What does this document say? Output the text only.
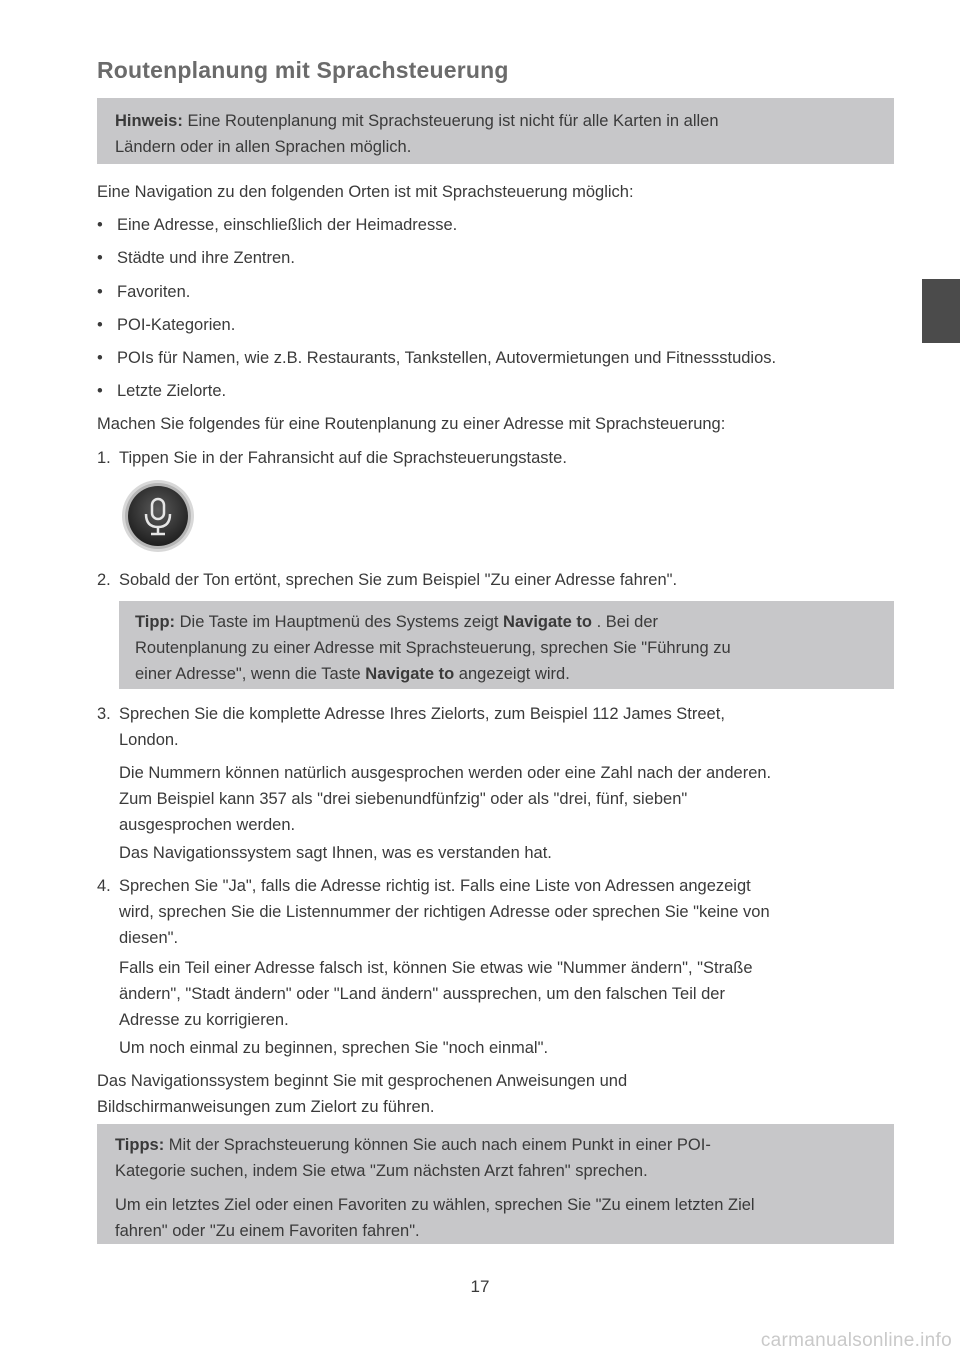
Routenplanung mit Sprachsteuerung

Hinweis: Eine Routenplanung mit Sprachsteuerung ist nicht für alle Karten in allen

Ländern oder in allen Sprachen möglich.

Eine Navigation zu den folgenden Orten ist mit Sprachsteuerung möglich:
• Eine Adresse, einschließlich der Heimadresse.
• Städte und ihre Zentren.
• Favoriten.
• POI-Kategorien.
• POIs für Namen, wie z.B. Restaurants, Tankstellen, Autovermietungen und Fitnessstudios.
• Letzte Zielorte.
Machen Sie folgendes für eine Routenplanung zu einer Adresse mit Sprachsteuerung:
1. Tippen Sie in der Fahransicht auf die Sprachsteuerungstaste.
2. Sobald der Ton ertönt, sprechen Sie zum Beispiel "Zu einer Adresse fahren".

Tipp: Die Taste im Hauptmenü des Systems zeigt Navigate to . Bei der

Routenplanung zu einer Adresse mit Sprachsteuerung, sprechen Sie "Führung zu

einer Adresse", wenn die Taste Navigate to angezeigt wird.

3. Sprechen Sie die komplette Adresse Ihres Zielorts, zum Beispiel 112 James Street,
London.
Die Nummern können natürlich ausgesprochen werden oder eine Zahl nach der anderen.
Zum Beispiel kann 357 als "drei siebenundfünfzig" oder als "drei, fünf, sieben"
ausgesprochen werden.
Das Navigationssystem sagt Ihnen, was es verstanden hat.
4. Sprechen Sie "Ja", falls die Adresse richtig ist. Falls eine Liste von Adressen angezeigt
wird, sprechen Sie die Listennummer der richtigen Adresse oder sprechen Sie "keine von
diesen".
Falls ein Teil einer Adresse falsch ist, können Sie etwas wie "Nummer ändern", "Straße
ändern", "Stadt ändern" oder "Land ändern" aussprechen, um den falschen Teil der
Adresse zu korrigieren.
Um noch einmal zu beginnen, sprechen Sie "noch einmal".
Das Navigationssystem beginnt Sie mit gesprochenen Anweisungen und
Bildschirmanweisungen zum Zielort zu führen.

Tipps: Mit der Sprachsteuerung können Sie auch nach einem Punkt in einer POI-

Kategorie suchen, indem Sie etwa "Zum nächsten Arzt fahren" sprechen.

Um ein letztes Ziel oder einen Favoriten zu wählen, sprechen Sie "Zu einem letzten Ziel

fahren" oder "Zu einem Favoriten fahren".

17
carmanualsonline.info
